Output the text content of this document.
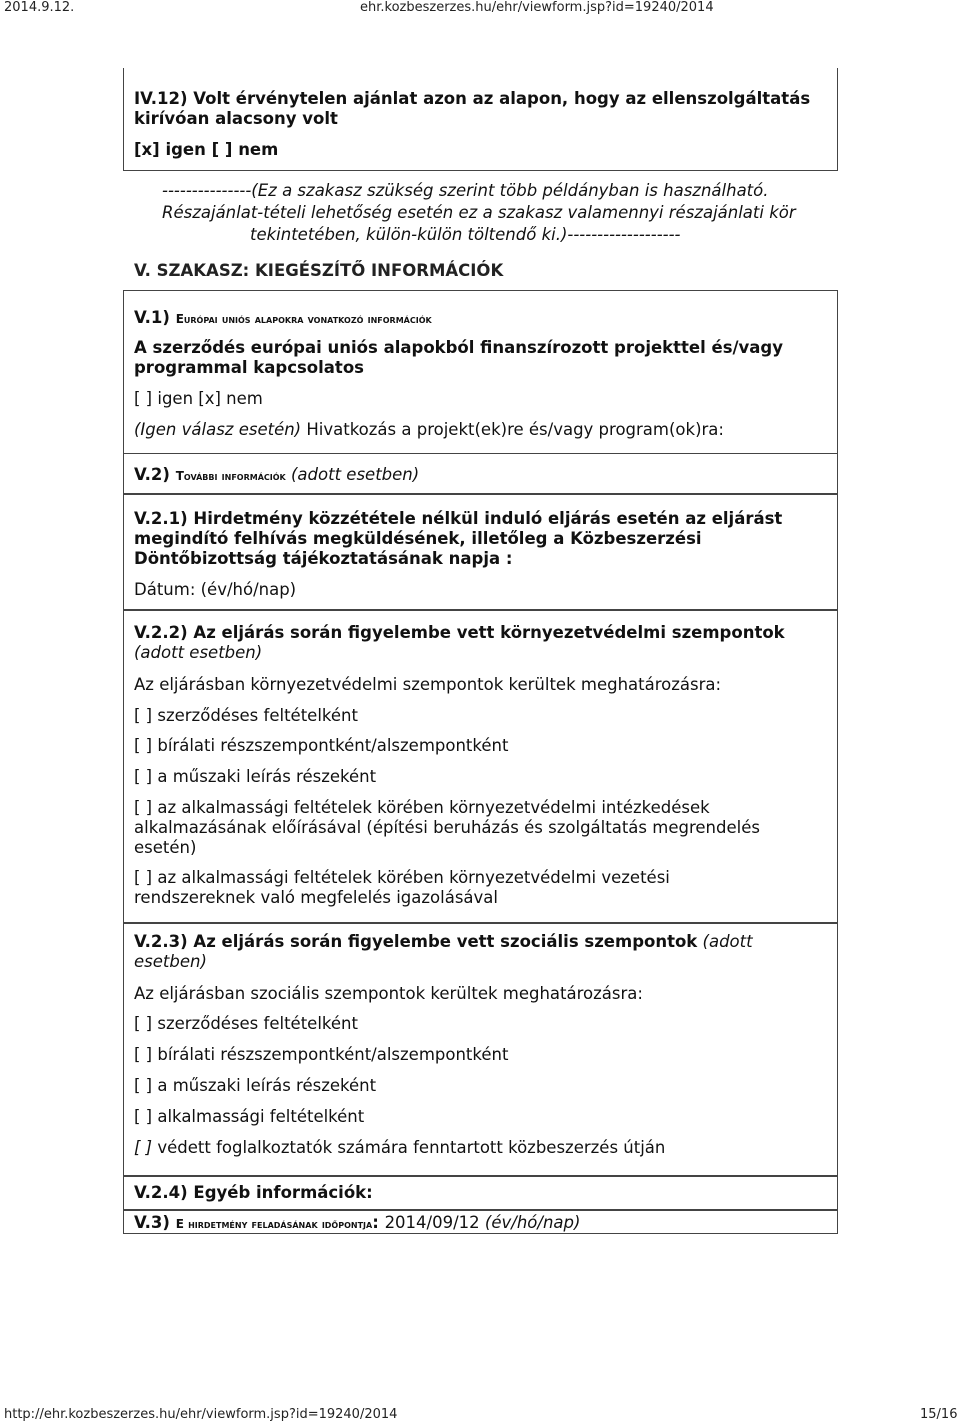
2014.9.12.	ehr.kozbeszerzes.hu/ehr/viewform.jsp?id=19240/2014
http://ehr.kozbeszerzes.hu/ehr/viewform.jsp?id=19240/2014	15/16
IV.12) Volt érvénytelen ajánlat azon az alapon, hogy az ellenszolgáltatás
kirívóan alacsony volt
[x] igen [ ] nem
---------------(Ez a szakasz szükség szerint több példányban is használható.
Részajánlat-tételi lehetőség esetén ez a szakasz valamennyi részajánlati kör
tekintetében, külön-külön töltendő ki.)-------------------
V. SZAKASZ: KIEGÉSZÍTŐ INFORMÁCIÓK
V.1) Európai uniós alapokra vonatkozó információk
A szerződés európai uniós alapokból finanszírozott projekttel és/vagy
programmal kapcsolatos
[ ] igen [x] nem
(Igen válasz esetén) Hivatkozás a projekt(ek)re és/vagy program(ok)ra:
V.2) További információk (adott esetben)
V.2.1) Hirdetmény közzététele nélkül induló eljárás esetén az eljárást
megindító felhívás megküldésének, illetőleg a Közbeszerzési
Döntőbizottság tájékoztatásának napja :
Dátum: (év/hó/nap)
V.2.2) Az eljárás során figyelembe vett környezetvédelmi szempontok
(adott esetben)
Az eljárásban környezetvédelmi szempontok kerültek meghatározásra:
[ ] szerződéses feltételként
[ ] bírálati részszempontként/alszempontként
[ ] a műszaki leírás részeként
[ ] az alkalmassági feltételek körében környezetvédelmi intézkedések
alkalmazásának előírásával (építési beruházás és szolgáltatás megrendelés
esetén)
[ ] az alkalmassági feltételek körében környezetvédelmi vezetési
rendszereknek való megfelelés igazolásával
V.2.3) Az eljárás során figyelembe vett szociális szempontok (adott
esetben)
Az eljárásban szociális szempontok kerültek meghatározásra:
[ ] szerződéses feltételként
[ ] bírálati részszempontként/alszempontként
[ ] a műszaki leírás részeként
[ ] alkalmassági feltételként
[ ] védett foglalkoztatók számára fenntartott közbeszerzés útján
V.2.4) Egyéb információk:
V.3) E hirdetmény feladásának időpontja: 2014/09/12 (év/hó/nap)
